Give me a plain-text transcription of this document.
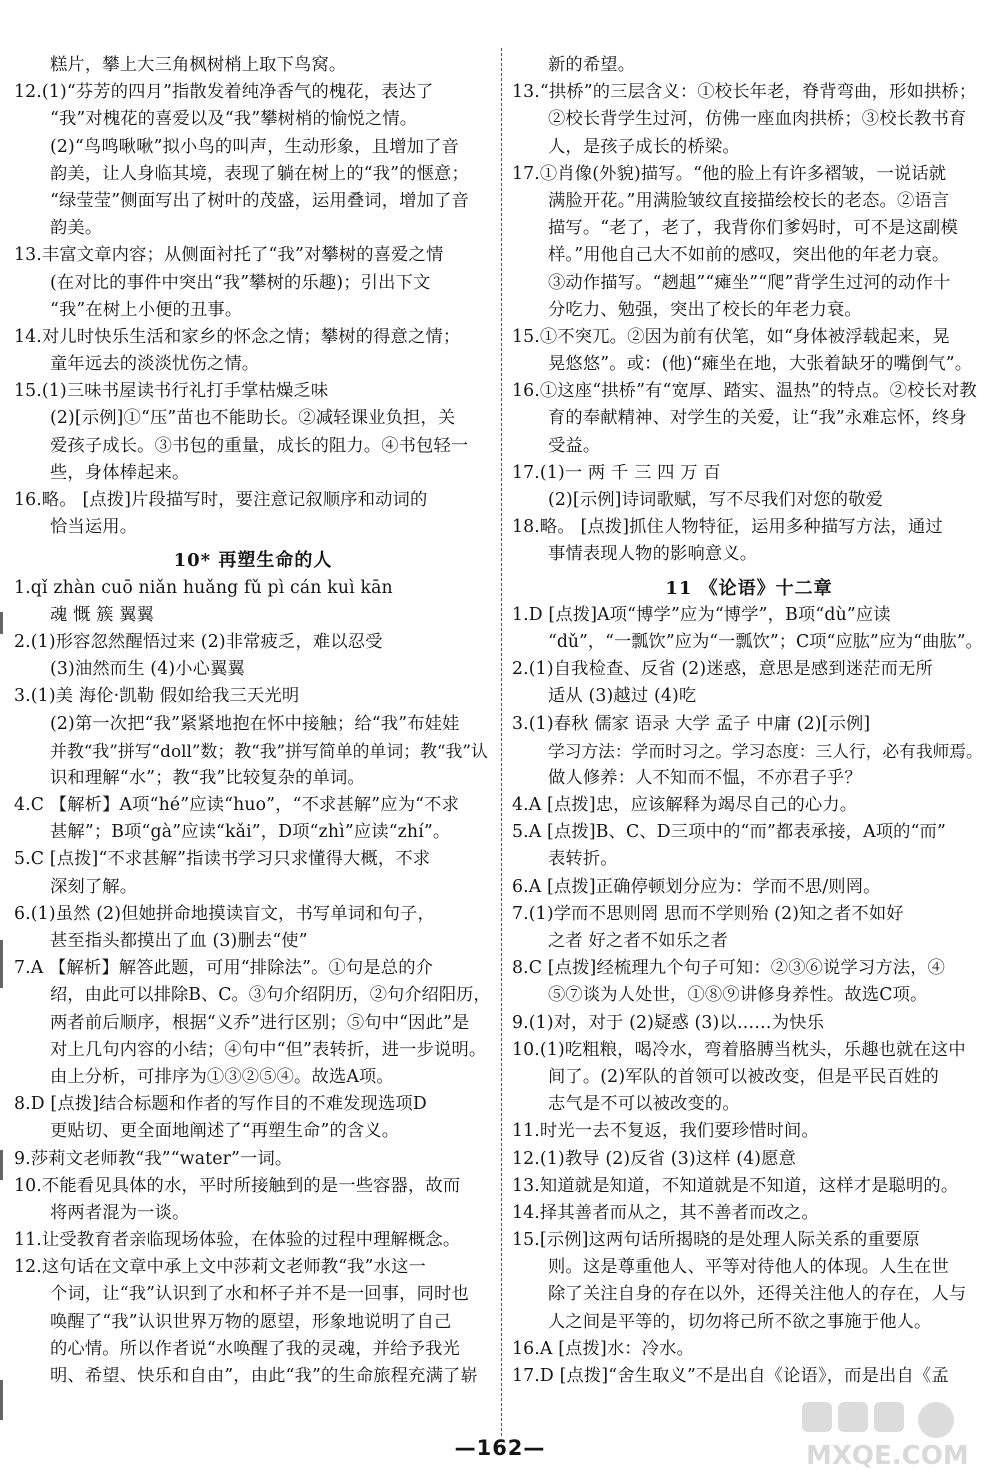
糕片，攀上大三角枫树梢上取下鸟窝。
12.(1)“芬芳的四月”指散发着纯净香气的槐花，表达了
“我”对槐花的喜爱以及“我”攀树梢的愉悦之情。
(2)“鸟鸣啾啾”拟小鸟的叫声，生动形象，且增加了音
韵美，让人身临其境，表现了躺在树上的“我”的惬意；
“绿莹莹”侧面写出了树叶的茂盛，运用叠词，增加了音
韵美。
13.丰富文章内容；从侧面衬托了“我”对攀树的喜爱之情
(在对比的事件中突出“我”攀树的乐趣)；引出下文
“我”在树上小便的丑事。
14.对儿时快乐生活和家乡的怀念之情；攀树的得意之情；
童年远去的淡淡忧伤之情。
15.(1)三味书屋读书行礼打手掌枯燥乏味
(2)[示例]①“压”苗也不能助长。②减轻课业负担，关
爱孩子成长。③书包的重量，成长的阻力。④书包轻一
些，身体棒起来。
16.略。 [点拨]片段描写时，要注意记叙顺序和动词的
恰当运用。
10* 再塑生命的人
1.qǐ zhàn cuō niǎn huǎng fǔ pì cán kuì kān
魂 慨 簇 翼翼
2.(1)形容忽然醒悟过来 (2)非常疲乏，难以忍受
(3)油然而生 (4)小心翼翼
3.(1)美 海伦·凯勒 假如给我三天光明
(2)第一次把“我”紧紧地抱在怀中接触；给“我”布娃娃
并教“我”拼写“doll”数；教“我”拼写简单的单词；教“我”认
识和理解“水”；教“我”比较复杂的单词。
4.C 【解析】A项“hé”应读“huo”，“不求甚解”应为“不求
甚解”；B项“gà”应读“kǎi”，D项“zhì”应读“zhí”。
5.C [点拨]“不求甚解”指读书学习只求懂得大概，不求
深刻了解。
6.(1)虽然 (2)但她拼命地摸读盲文，书写单词和句子，
甚至指头都摸出了血 (3)删去“使”
7.A 【解析】解答此题，可用“排除法”。①句是总的介
绍，由此可以排除B、C。③句介绍阴历，②句介绍阳历，
两者前后顺序，根据“义乔”进行区别；⑤句中“因此”是
对上几句内容的小结；④句中“但”表转折，进一步说明。
由上分析，可排序为①③②⑤④。故选A项。
8.D [点拨]结合标题和作者的写作目的不难发现选项D
更贴切、更全面地阐述了“再塑生命”的含义。
9.莎莉文老师教“我”“water”一词。
10.不能看见具体的水，平时所接触到的是一些容器，故而
将两者混为一谈。
11.让受教育者亲临现场体验，在体验的过程中理解概念。
12.这句话在文章中承上文中莎莉文老师教“我”水这一
个词，让“我”认识到了水和杯子并不是一回事，同时也
唤醒了“我”认识世界万物的愿望，形象地说明了自己
的心情。所以作者说“水唤醒了我的灵魂，并给予我光
明、希望、快乐和自由”，由此“我”的生命旅程充满了崭
新的希望。
13.“拱桥”的三层含义：①校长年老，脊背弯曲，形如拱桥；
②校长背学生过河，仿佛一座血肉拱桥；③校长教书育
人，是孩子成长的桥梁。
17.①肖像(外貌)描写。“他的脸上有许多褶皱，一说话就
满脸开花。”用满脸皱纹直接描绘校长的老态。②语言
描写。“老了，老了，我背你们爹妈时，可不是这副模
样。”用他自己大不如前的感叹，突出他的年老力衰。
③动作描写。“趔趄”“瘫坐”“爬”背学生过河的动作十
分吃力、勉强，突出了校长的年老力衰。
15.①不突兀。②因为前有伏笔，如“身体被浮载起来，晃
晃悠悠”。或：(他)“瘫坐在地，大张着缺牙的嘴倒气”。
16.①这座“拱桥”有“宽厚、踏实、温热”的特点。②校长对教
育的奉献精神、对学生的关爱，让“我”永难忘怀，终身
受益。
17.(1)一 两 千 三 四 万 百
(2)[示例]诗词歌赋，写不尽我们对您的敬爱
18.略。 [点拨]抓住人物特征，运用多种描写方法，通过
事情表现人物的影响意义。
11 《论语》十二章
1.D [点拨]A项“博学”应为“博学”，B项“dù”应读
“dǔ”，“一瓢饮”应为“一瓢饮”；C项“应肱”应为“曲肱”。
2.(1)自我检查、反省 (2)迷惑，意思是感到迷茫而无所
适从 (3)越过 (4)吃
3.(1)春秋 儒家 语录 大学 孟子 中庸 (2)[示例]
学习方法：学而时习之。学习态度：三人行，必有我师焉。
做人修养：人不知而不愠，不亦君子乎？
4.A [点拨]忠，应该解释为竭尽自己的心力。
5.A [点拨]B、C、D三项中的“而”都表承接，A项的“而”
表转折。
6.A [点拨]正确停顿划分应为：学而不思/则罔。
7.(1)学而不思则罔 思而不学则殆 (2)知之者不如好
之者 好之者不如乐之者
8.C [点拨]经梳理九个句子可知：②③⑥说学习方法，④
⑤⑦谈为人处世，①⑧⑨讲修身养性。故选C项。
9.(1)对，对于 (2)疑惑 (3)以……为快乐
10.(1)吃粗粮，喝冷水，弯着胳膊当枕头，乐趣也就在这中
间了。(2)军队的首领可以被改变，但是平民百姓的
志气是不可以被改变的。
11.时光一去不复返，我们要珍惜时间。
12.(1)教导 (2)反省 (3)这样 (4)愿意
13.知道就是知道，不知道就是不知道，这样才是聪明的。
14.择其善者而从之，其不善者而改之。
15.[示例]这两句话所揭晓的是处理人际关系的重要原
则。这是尊重他人、平等对待他人的体现。人生在世
除了关注自身的存在以外，还得关注他人的存在，人与
人之间是平等的，切勿将己所不欲之事施于他人。
16.A [点拨]水：冷水。
17.D [点拨]“舍生取义”不是出自《论语》，而是出自《孟
—162—	MXQE.COM
